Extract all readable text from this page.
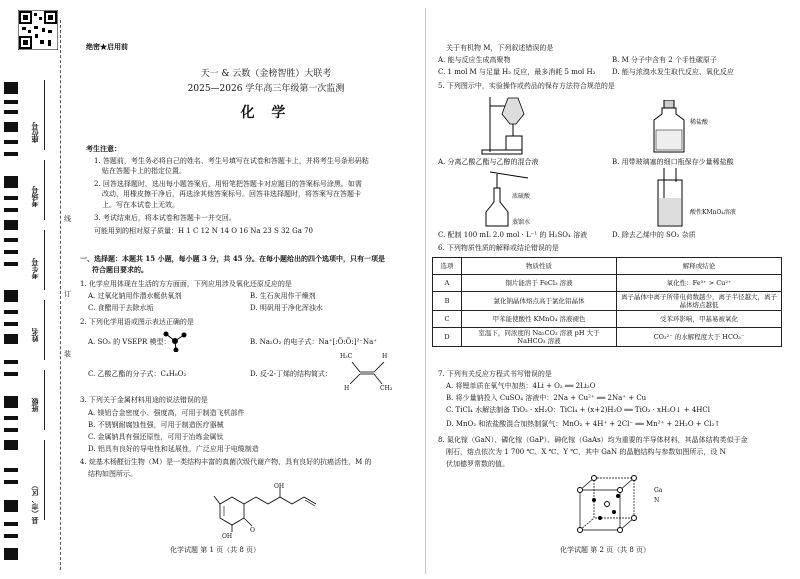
座位号
考场号
考生号
姓名
班级
县（市、区）
线
订
装
绝密★启用前
天一 & 云数（金榜智胜）大联考
2025—2026 学年高三年级第一次监测
化 学
考生注意：
1. 答题前，考生务必将自己的姓名、考生号填写在试卷和答题卡上，并将考生号条形码粘
贴在答题卡上的指定位置。
2. 回答选择题时，选出每小题答案后，用铅笔把答题卡对应题目的答案标号涂黑。如需
改动，用橡皮擦干净后，再选涂其他答案标号。回答非选择题时，将答案写在答题卡
上。写在本试卷上无效。
3. 考试结束后，将本试卷和答题卡一并交回。
可能用到的相对原子质量：H 1 C 12 N 14 O 16 Na 23 S 32 Ga 70
一、选择题：本题共 15 小题，每小题 3 分，共 45 分。在每小题给出的四个选项中，只有一项是
符合题目要求的。
1. 化学应用体现在生活的方方面面，下列应用涉及氧化还原反应的是
A. 过氧化钠用作潜水艇供氧剂	B. 生石灰用作干燥剂
C. 食醋用于去除水垢	D. 明矾用于净化浑浊水
2. 下列化学用语或图示表达正确的是
A. SO₃ 的 VSEPR 模型：	B. Na₂O₂ 的电子式：Na⁺[:Ö:Ö:]²⁻Na⁺
C. 乙酸乙酯的分子式：C₄H₈O₂	D. 反-2-丁烯的结构简式：
H₃C	H
H	CH₃
3. 下列关于金属材料用途的说法错误的是
A. 镁铝合金密度小、强度高，可用于制造飞机部件
B. 不锈钢耐腐蚀性强，可用于制造医疗器械
C. 金属钠具有强还原性，可用于冶炼金属钛
D. 铝具有良好的导电性和延展性，广泛应用于电缆制造
4. 烷基木杨醛衍生物（M）是一类结构丰富的真菌次级代谢产物，具有良好的抗癌活性，M 的
结构如图所示。
OH
OH
O
化学试题 第 1 页（共 8 页）
关于有机物 M，下列叙述错误的是
A. 能与反应生成高聚物	B. M 分子中含有 2 个手性碳原子
C. 1 mol M 与足量 H₂ 反应，最多消耗 5 mol H₂ D. 能与浓溴水发生取代反应、氧化反应
5. 下列图示中，实验操作或药品的保存方法符合规范的是
稀盐酸
A. 分离乙酸乙酯与乙醇的混合液	B. 用带玻璃塞的细口瓶保存少量稀盐酸
浓硫酸
蒸馏水
酸性KMnO₄溶液
C. 配制 100 mL 2.0 mol · L⁻¹ 的 H₂SO₄ 溶液	D. 除去乙烯中的 SO₂ 杂质
6. 下列物质性质的解释或结论错误的是
选项	物质性质	解释或结论
A	铜片能溶于 FeCl₃ 溶液	氧化性：Fe³⁺ > Cu²⁺
B	氯化钠晶体熔点高于氯化铝晶体	离子晶体中离子所带电荷数越少，离子半径越大，离子晶体熔点越低
C	甲苯能使酸性 KMnO₄ 溶液褪色	受苯环影响，甲基易被氧化
D	室温下，同浓度的 Na₂CO₃ 溶液 pH 大于 NaHCO₃ 溶液	CO₃²⁻ 的水解程度大于 HCO₃⁻
7. 下列有关反应方程式书写错误的是
A. 将锂单质在氧气中加热：4Li + O₂ ══ 2Li₂O
B. 将少量钠投入 CuSO₄ 溶液中：2Na + Cu²⁺ ══ 2Na⁺ + Cu
C. TiCl₄ 水解法制备 TiO₂ · xH₂O：TiCl₄ + (x+2)H₂O ══ TiO₂ · xH₂O↓ + 4HCl
D. MnO₂ 和浓盐酸混合加热制氯气：MnO₂ + 4H⁺ + 2Cl⁻ ══ Mn²⁺ + 2H₂O + Cl₂↑
8. 氮化镓（GaN）、磷化镓（GaP）、砷化镓（GaAs）均为重要的半导体材料，其晶体结构类似于金
刚石，熔点依次为 1 700 ℃、X ℃、Y ℃，其中 GaN 的晶胞结构与参数如图所示，设 N
伏加德罗常数的值。
Ga
N
化学试题 第 2 页（共 8 页）
